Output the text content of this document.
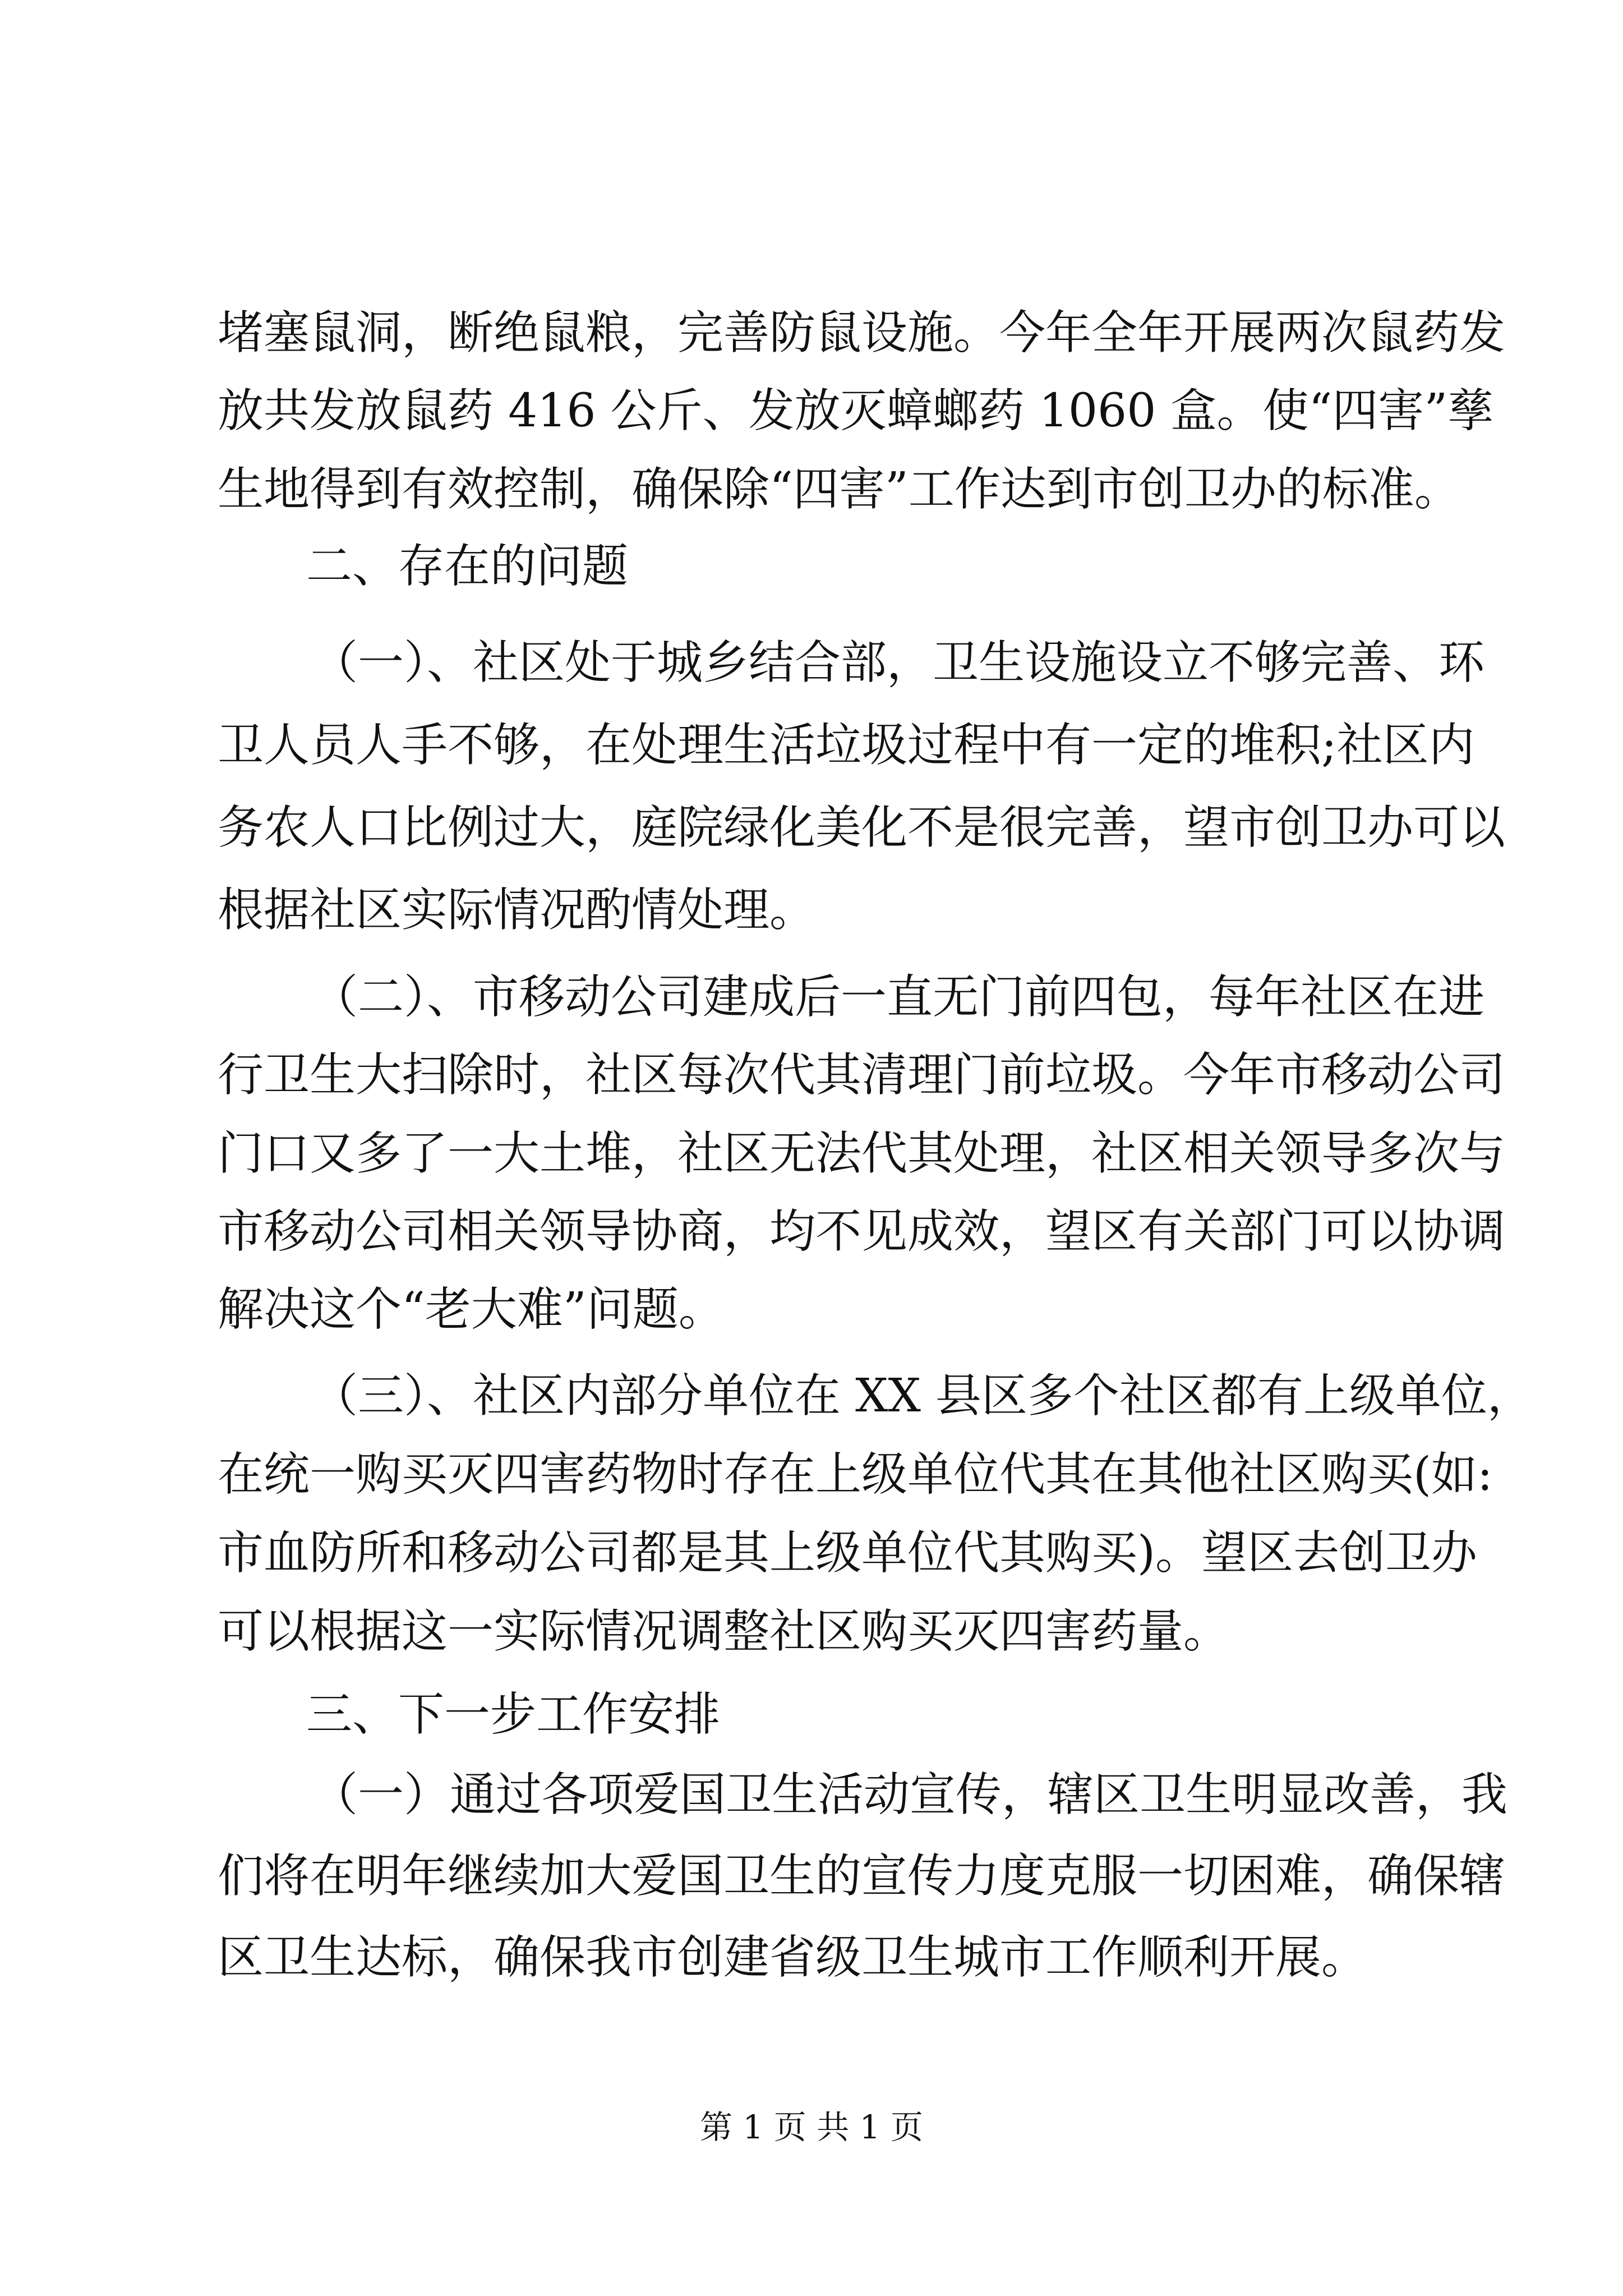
堵塞鼠洞，断绝鼠粮，完善防鼠设施。今年全年开展两次鼠药发

放共发放鼠药 416 公斤、发放灭蟑螂药 1060 盒。使“四害”孳

生地得到有效控制，确保除“四害”工作达到市创卫办的标准。

二、存在的问题

（一）、社区处于城乡结合部，卫生设施设立不够完善、环

卫人员人手不够，在处理生活垃圾过程中有一定的堆积;社区内

务农人口比例过大，庭院绿化美化不是很完善，望市创卫办可以

根据社区实际情况酌情处理。

（二）、市移动公司建成后一直无门前四包，每年社区在进

行卫生大扫除时，社区每次代其清理门前垃圾。今年市移动公司

门口又多了一大土堆，社区无法代其处理，社区相关领导多次与

市移动公司相关领导协商，均不见成效，望区有关部门可以协调

解决这个“老大难”问题。

（三）、社区内部分单位在 XX 县区多个社区都有上级单位，

在统一购买灭四害药物时存在上级单位代其在其他社区购买(如:

市血防所和移动公司都是其上级单位代其购买)。望区去创卫办

可以根据这一实际情况调整社区购买灭四害药量。

三、下一步工作安排

（一）通过各项爱国卫生活动宣传，辖区卫生明显改善，我

们将在明年继续加大爱国卫生的宣传力度克服一切困难，确保辖

区卫生达标，确保我市创建省级卫生城市工作顺利开展。

第 1 页 共 1 页
